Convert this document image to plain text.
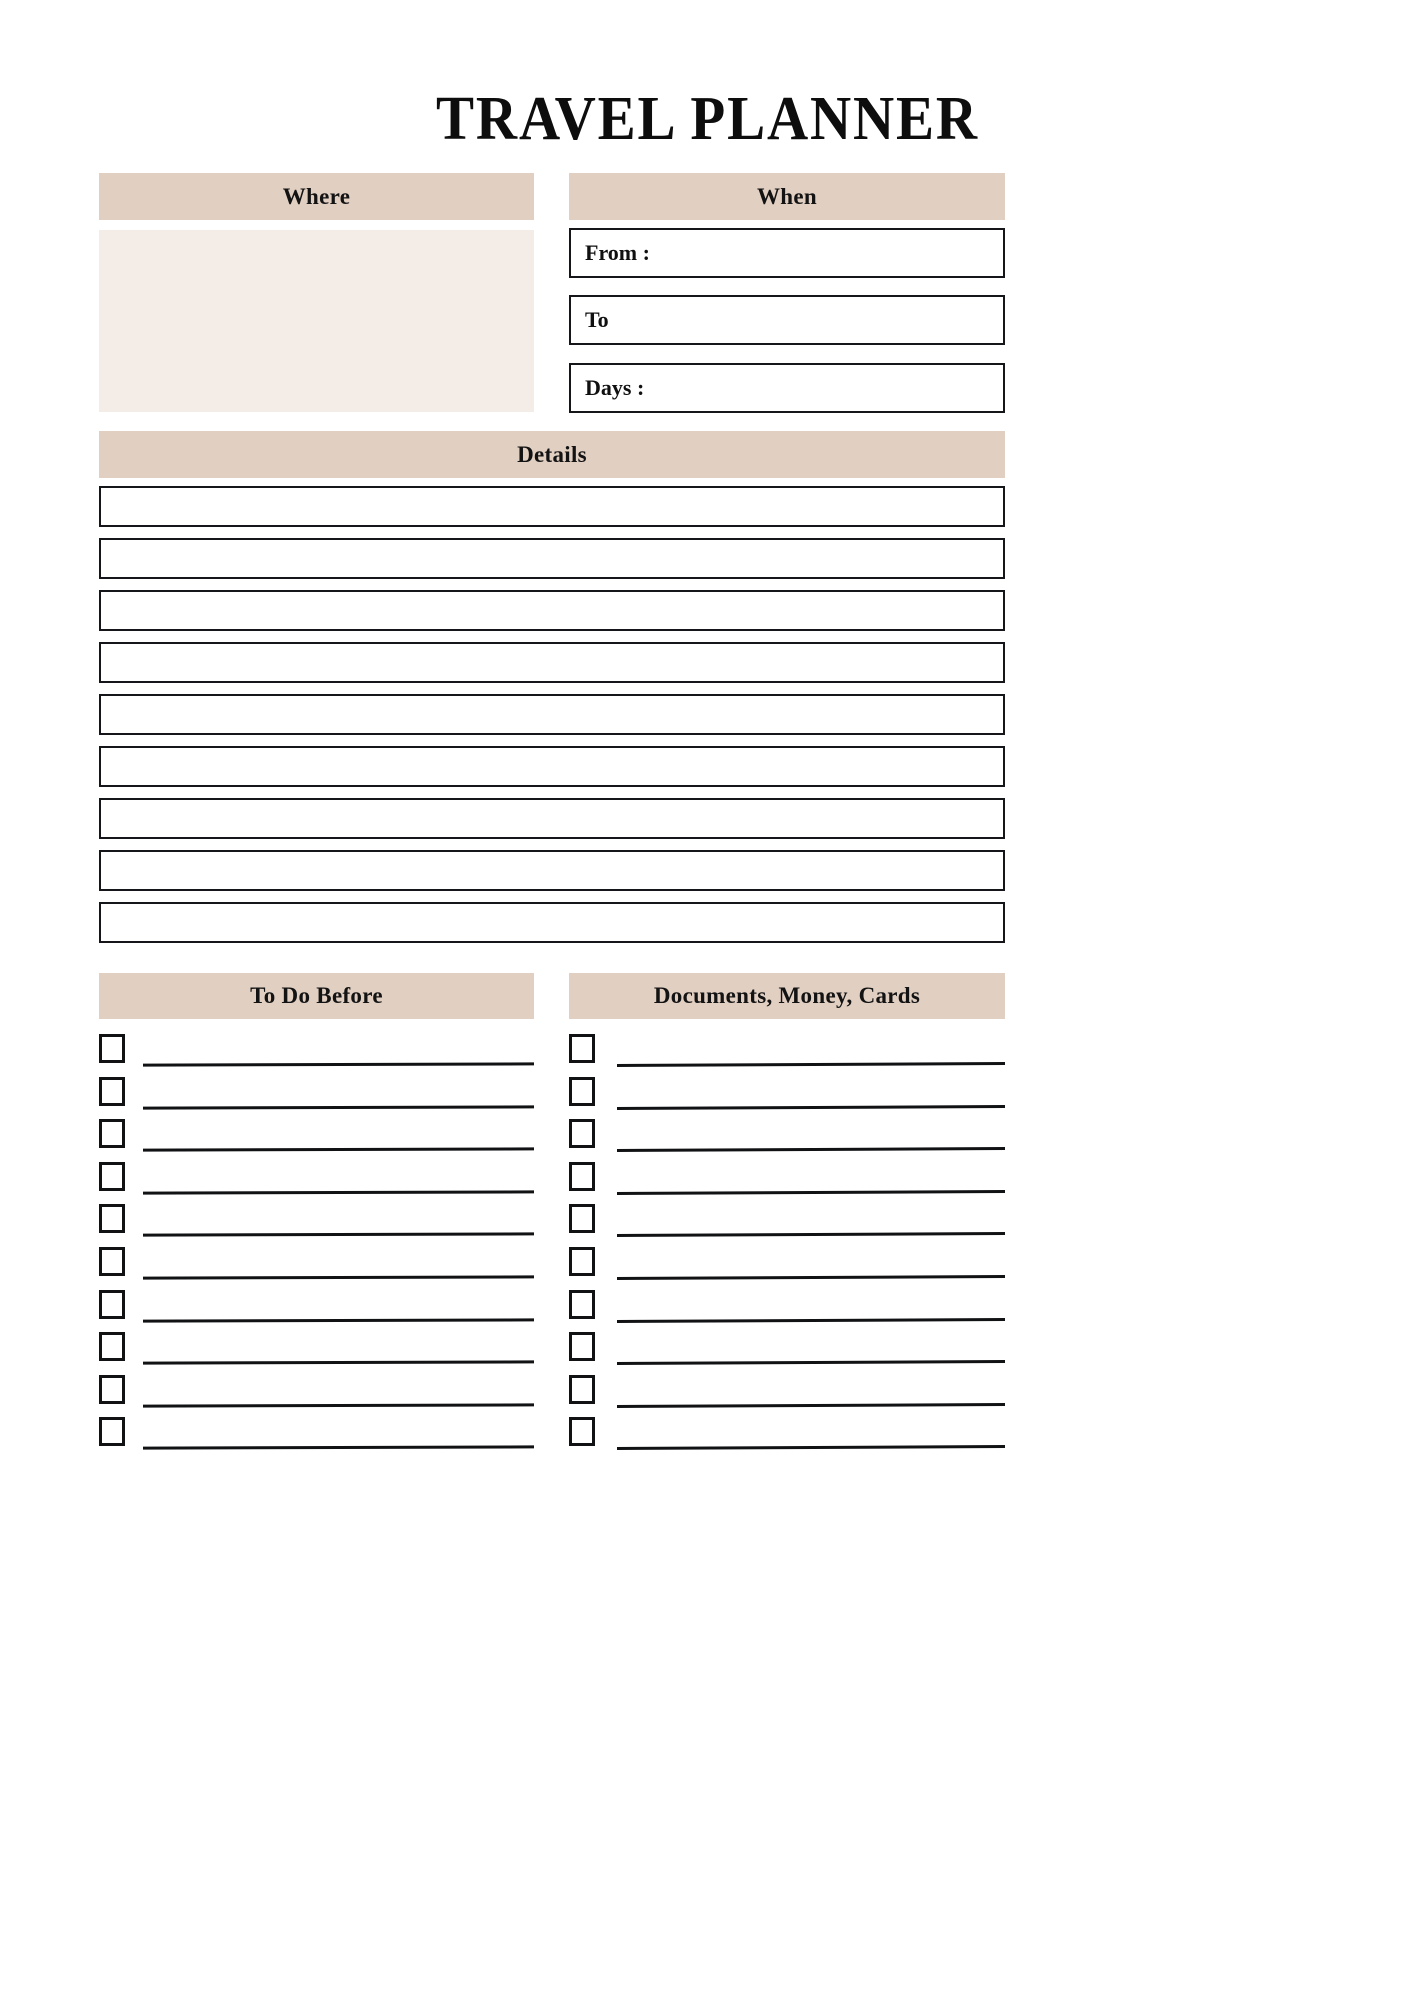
TRAVEL PLANNER
Where	When
From :
To
Days :
Details
To Do Before	Documents, Money, Cards
